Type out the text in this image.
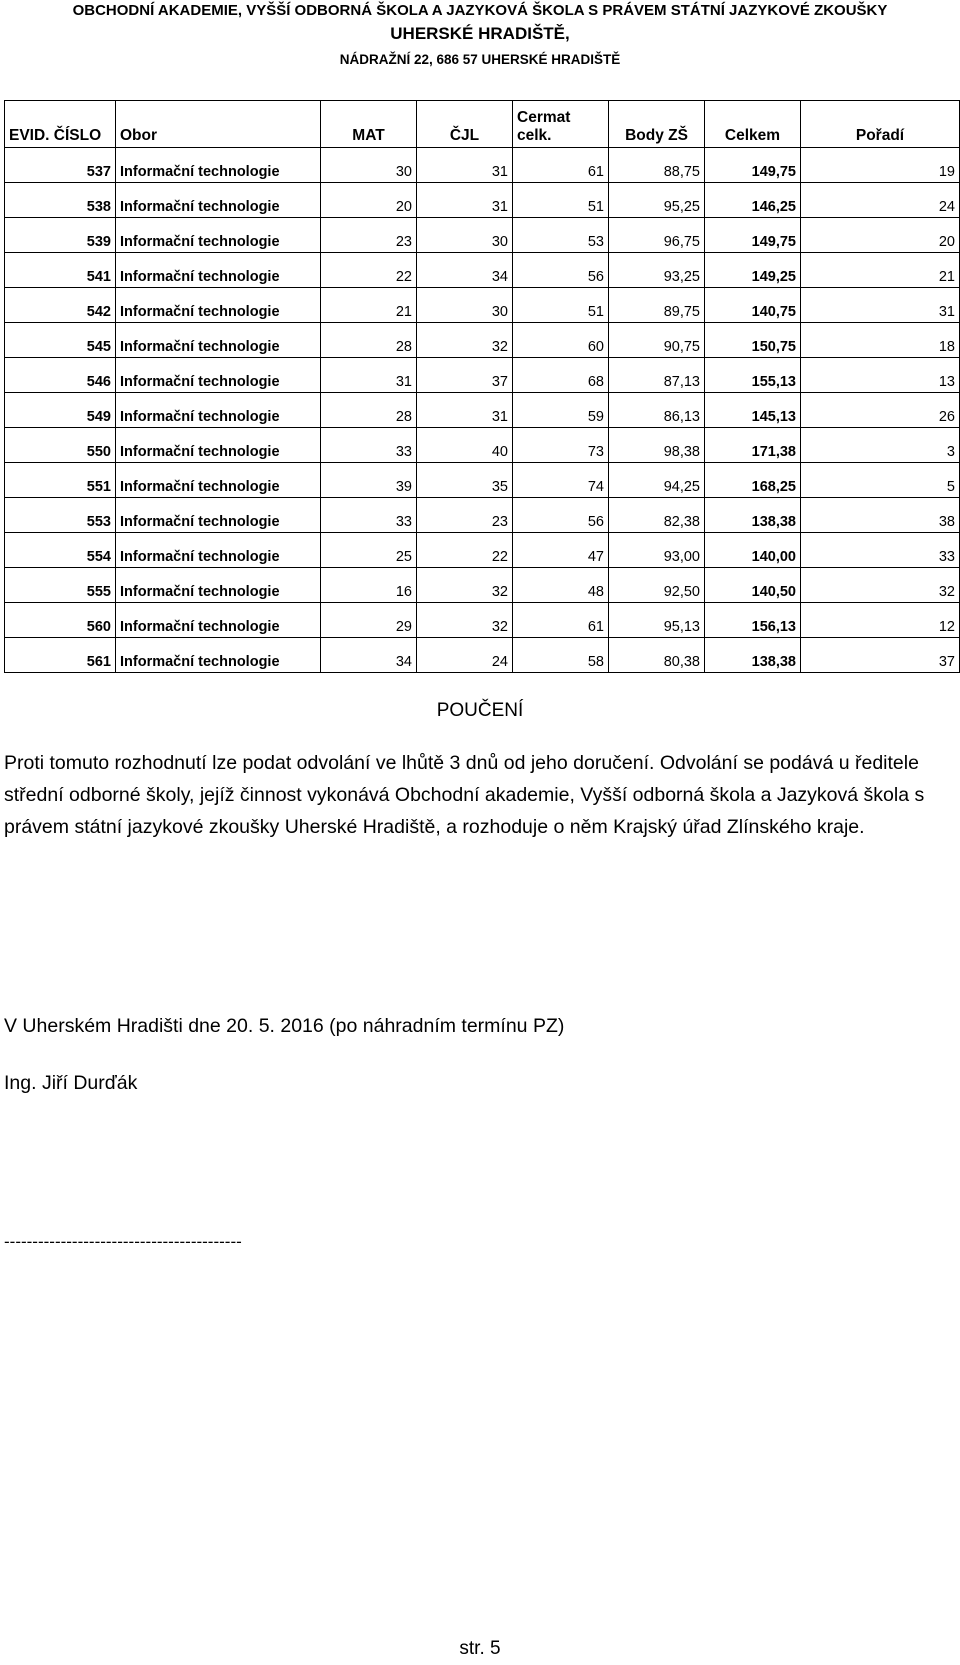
OBCHODNÍ AKADEMIE, VYŠŠÍ ODBORNÁ ŠKOLA A JAZYKOVÁ ŠKOLA S PRÁVEM STÁTNÍ JAZYKOVÉ ZKOUŠKY
UHERSKÉ HRADIŠTĚ,
NÁDRAŽNÍ 22, 686 57 UHERSKÉ HRADIŠTĚ
EVID. ČÍSLO	Obor	MAT	ČJL	Cermat celk.	Body ZŠ	Celkem	Pořadí
537	Informační technologie	30	31	61	88,75	149,75	19
538	Informační technologie	20	31	51	95,25	146,25	24
539	Informační technologie	23	30	53	96,75	149,75	20
541	Informační technologie	22	34	56	93,25	149,25	21
542	Informační technologie	21	30	51	89,75	140,75	31
545	Informační technologie	28	32	60	90,75	150,75	18
546	Informační technologie	31	37	68	87,13	155,13	13
549	Informační technologie	28	31	59	86,13	145,13	26
550	Informační technologie	33	40	73	98,38	171,38	3
551	Informační technologie	39	35	74	94,25	168,25	5
553	Informační technologie	33	23	56	82,38	138,38	38
554	Informační technologie	25	22	47	93,00	140,00	33
555	Informační technologie	16	32	48	92,50	140,50	32
560	Informační technologie	29	32	61	95,13	156,13	12
561	Informační technologie	34	24	58	80,38	138,38	37
POUČENÍ
Proti tomuto rozhodnutí lze podat odvolání ve lhůtě 3 dnů od jeho doručení. Odvolání se podává u ředitele střední odborné školy, jejíž činnost vykonává Obchodní akademie, Vyšší odborná škola a Jazyková škola s právem státní jazykové zkoušky Uherské Hradiště, a rozhoduje o něm Krajský úřad Zlínského kraje.
V Uherském Hradišti dne 20. 5. 2016 (po náhradním termínu PZ)
Ing. Jiří Durďák
------------------------------------------
str. 5
